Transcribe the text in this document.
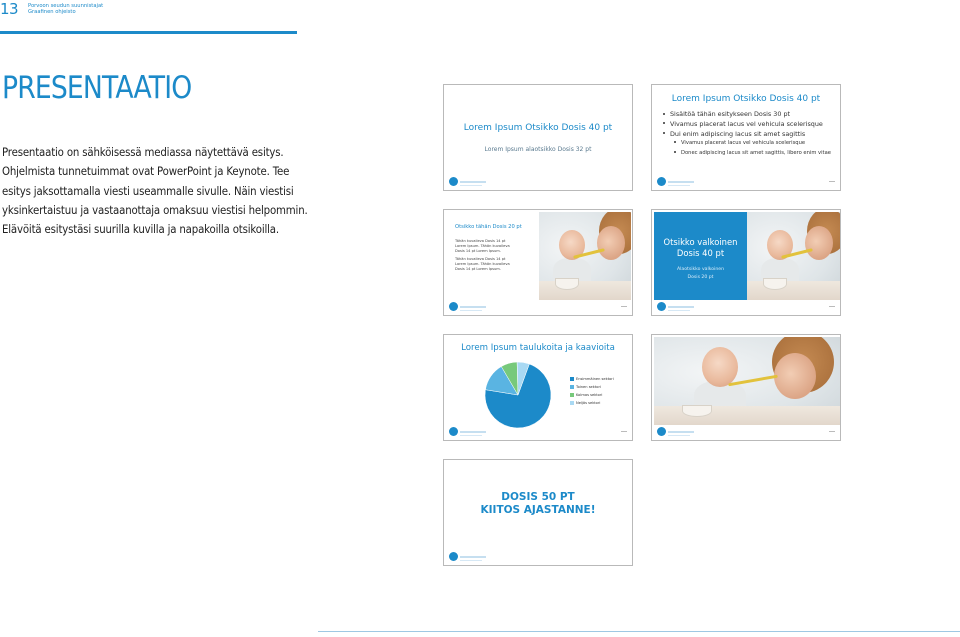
13 Porvoon seudun suunnistajat
Graafinen ohjeisto
PRESENTAATIO
Presentaatio on sähköisessä mediassa näytettävä esitys.
Ohjelmista tunnetuimmat ovat PowerPoint ja Keynote. Tee
esitys jaksottamalla viesti useammalle sivulle. Näin viestisi
yksinkertaistuu ja vastaanottaja omaksuu viestisi helpommin.
Elävöitä esitystäsi suurilla kuvilla ja napakoilla otsikoilla.
Lorem Ipsum Otsikko Dosis 40 pt
Lorem Ipsum alaotsikko Dosis 32 pt
Lorem Ipsum Otsikko Dosis 40 pt
Sisältöä tähän esitykseen Dosis 30 pt
Vivamus placerat lacus vel vehicula scelerisque
Dui enim adipiscing lacus sit amet sagittis
Vivamus placerat lacus vel vehicula scelerisque
Donec adipiscing lacus sit amet sagittis, libero enim vitae
Otsikko tähän Dosis 20 pt
Tähän kuvaileva Dosis 14 pt Lorem Ipsum. Tähän kuvaileva Dosis 14 pt Lorem Ipsum.
Tähän kuvaileva Dosis 14 pt Lorem Ipsum. Tähän kuvaileva Dosis 14 pt Lorem Ipsum.
Otsikko valkoinen
Dosis 40 pt
Alaotsikko valkoinen
Dosis 20 pt
Lorem Ipsum taulukoita ja kaavioita
Ensimmäinen sektori
Toinen sektori
Kolmas sektori
Neljäs sektori
DOSIS 50 PT
KIITOS AJASTANNE!
